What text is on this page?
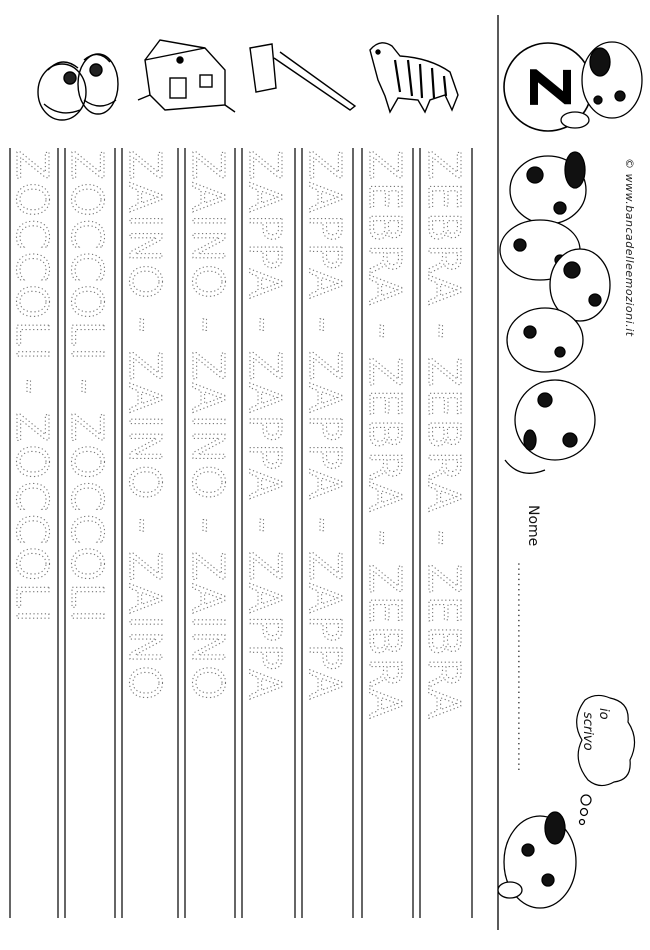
ZEBRA - ZEBRA - ZEBRA
ZEBRA - ZEBRA - ZEBRA
ZAPPA - ZAPPA - ZAPPA
ZAPPA - ZAPPA - ZAPPA
ZAINO - ZAINO - ZAINO
ZAINO - ZAINO - ZAINO
ZOCCOLI - ZOCCOLI
ZOCCOLI - ZOCCOLI
Z
© www.bancadelleemozioni.it
Nome
.........................................	io
scrivo
